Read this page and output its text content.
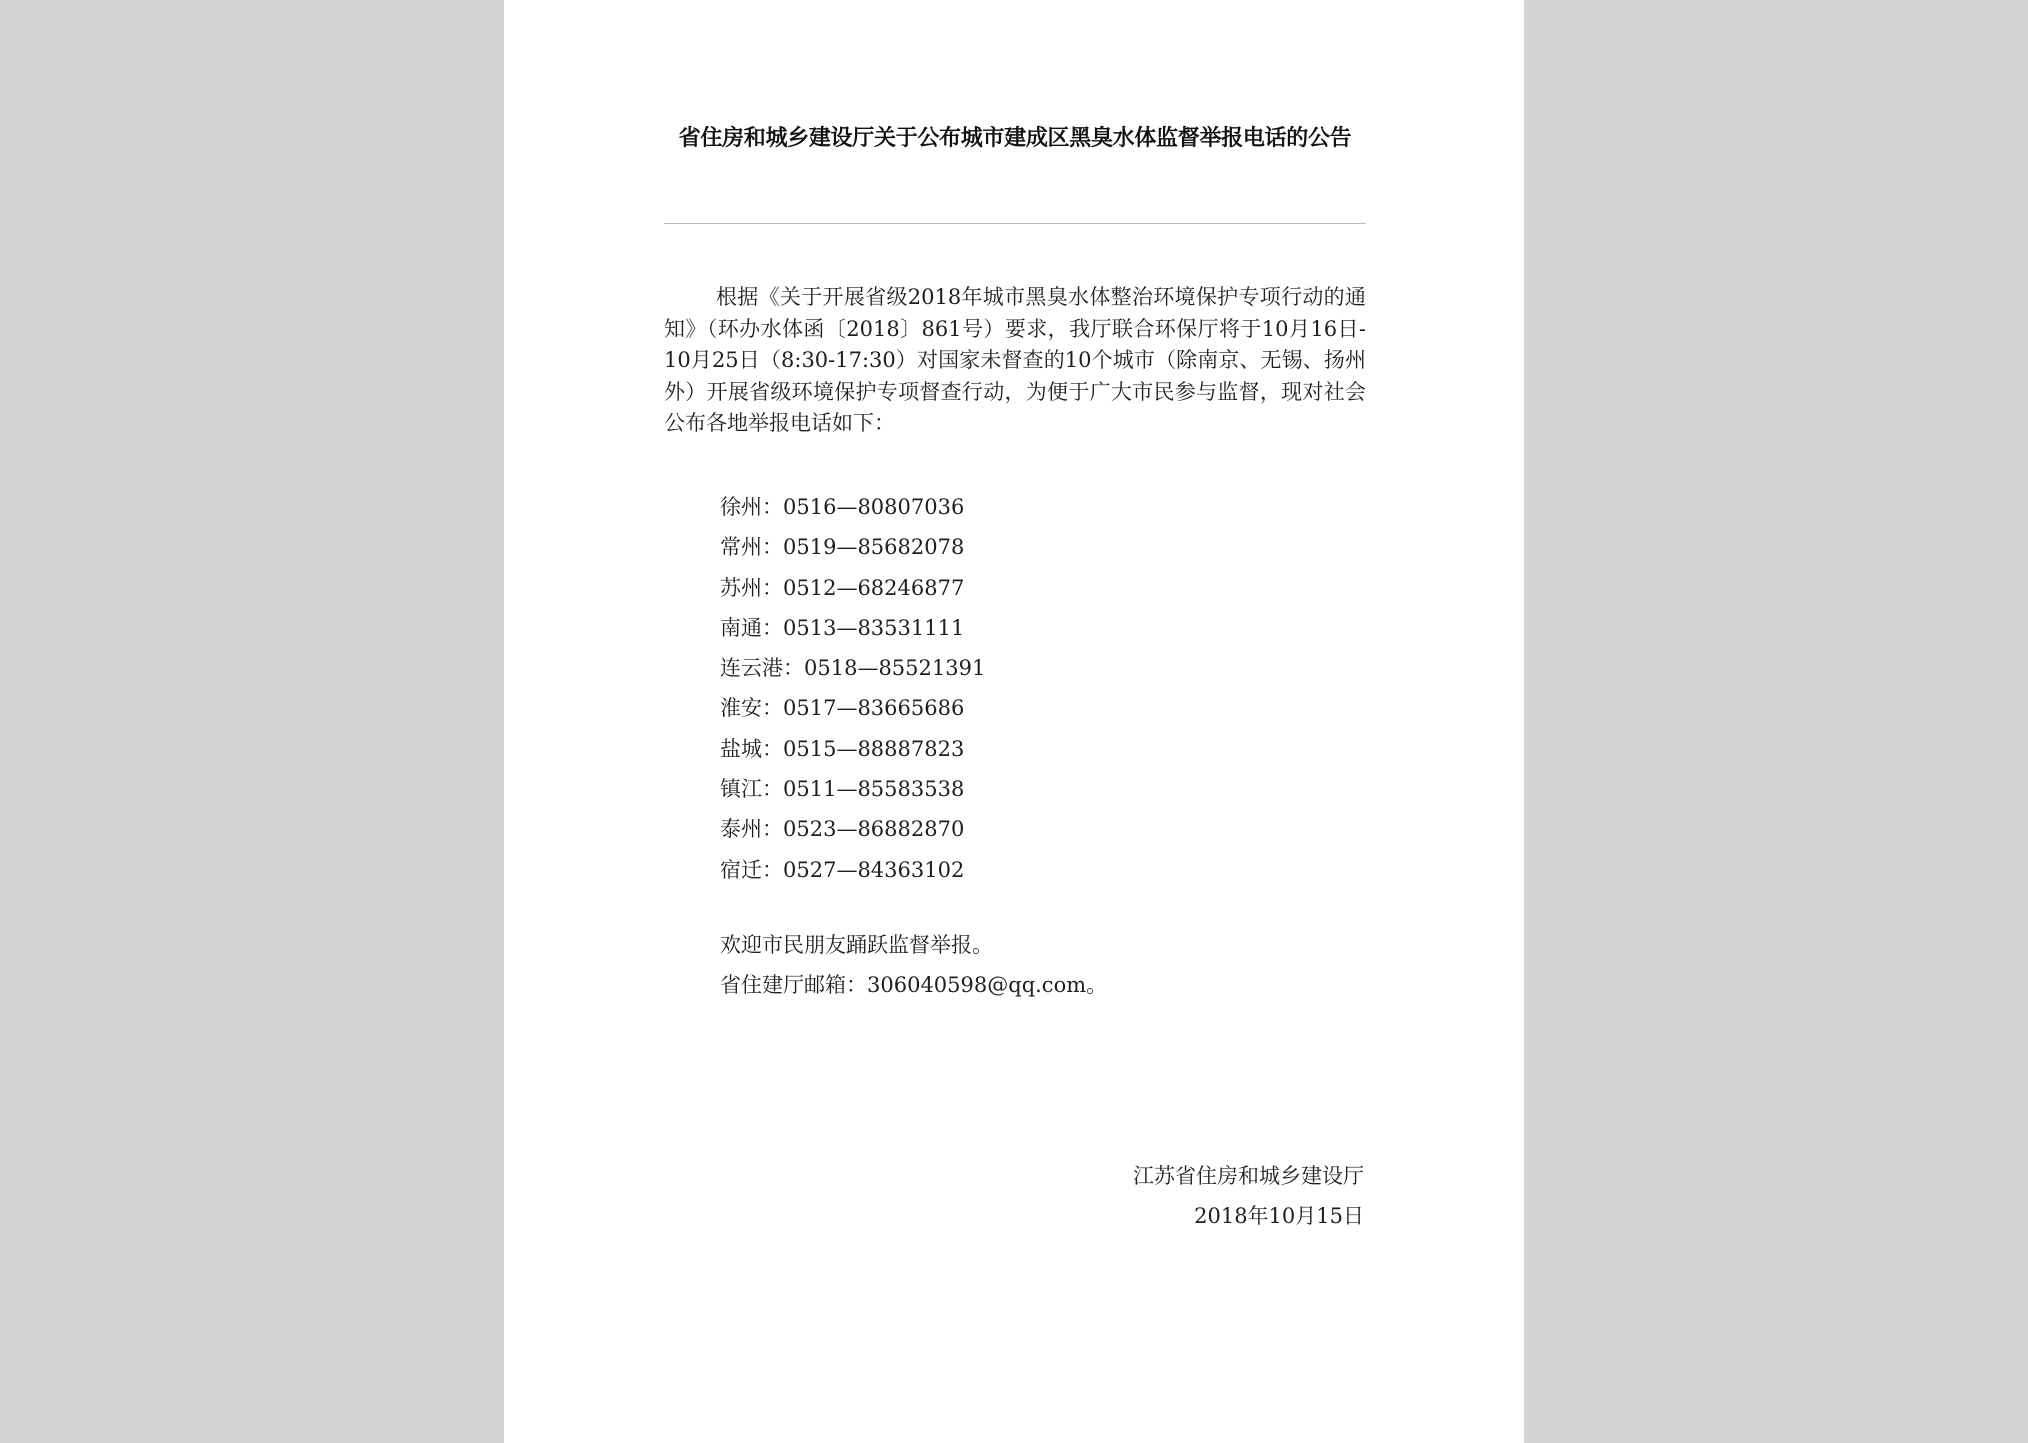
省住房和城乡建设厅关于公布城市建成区黑臭水体监督举报电话的公告
根据《关于开展省级2018年城市黑臭水体整治环境保护专项行动的通知》（环办水体函〔2018〕861号）要求，我厅联合环保厅将于10月16日-10月25日（8:30-17:30）对国家未督查的10个城市（除南京、无锡、扬州外）开展省级环境保护专项督查行动，为便于广大市民参与监督，现对社会公布各地举报电话如下：
徐州：0516—80807036
常州：0519—85682078
苏州：0512—68246877
南通：0513—83531111
连云港：0518—85521391
淮安：0517—83665686
盐城：0515—88887823
镇江：0511—85583538
泰州：0523—86882870
宿迁：0527—84363102
欢迎市民朋友踊跃监督举报。
省住建厅邮箱：306040598@qq.com。
江苏省住房和城乡建设厅
2018年10月15日
